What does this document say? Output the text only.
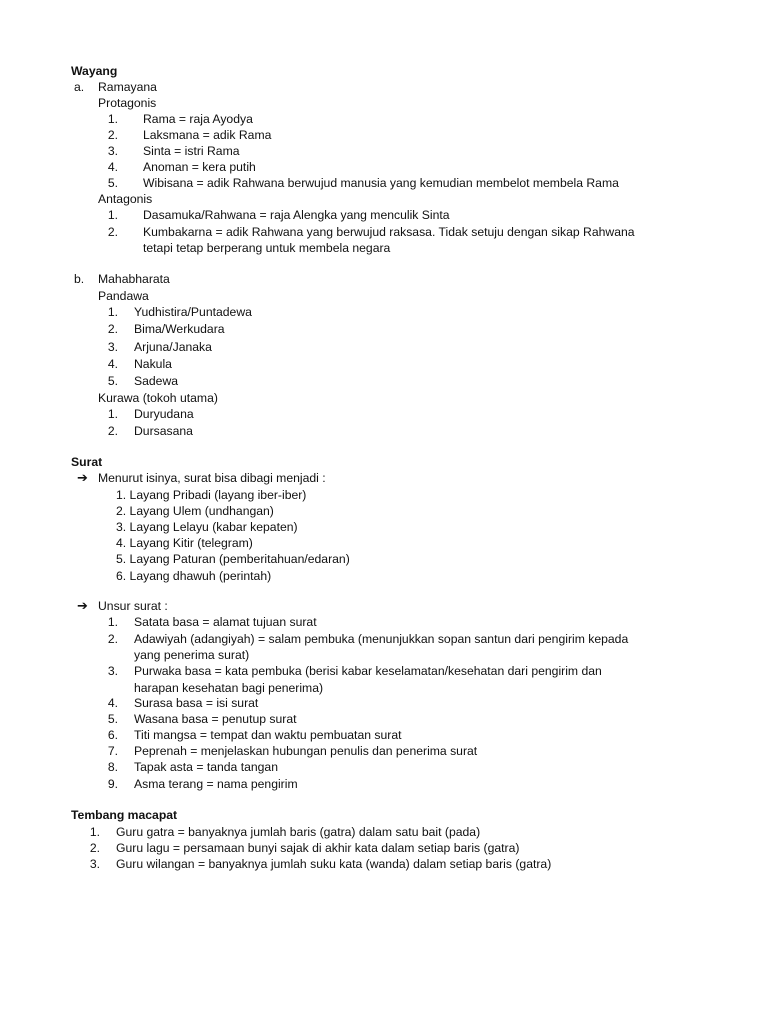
Wayang
a. Ramayana
Protagonis
1. Rama = raja Ayodya
2. Laksmana = adik Rama
3. Sinta = istri Rama
4. Anoman = kera putih
5. Wibisana = adik Rahwana berwujud manusia yang kemudian membelot membela Rama
Antagonis
1. Dasamuka/Rahwana = raja Alengka yang menculik Sinta
2. Kumbakarna = adik Rahwana yang berwujud raksasa. Tidak setuju dengan sikap Rahwana
tetapi tetap berperang untuk membela negara
b. Mahabharata
Pandawa
1. Yudhistira/Puntadewa
2. Bima/Werkudara
3. Arjuna/Janaka
4. Nakula
5. Sadewa
Kurawa (tokoh utama)
1. Duryudana
2. Dursasana
Surat
➔ Menurut isinya, surat bisa dibagi menjadi :
1. Layang Pribadi (layang iber-iber)
2. Layang Ulem (undhangan)
3. Layang Lelayu (kabar kepaten)
4. Layang Kitir (telegram)
5. Layang Paturan (pemberitahuan/edaran)
6. Layang dhawuh (perintah)
➔ Unsur surat :
1. Satata basa = alamat tujuan surat
2. Adawiyah (adangiyah) = salam pembuka (menunjukkan sopan santun dari pengirim kepada
yang penerima surat)
3. Purwaka basa = kata pembuka (berisi kabar keselamatan/kesehatan dari pengirim dan
harapan kesehatan bagi penerima)
4. Surasa basa = isi surat
5. Wasana basa = penutup surat
6. Titi mangsa = tempat dan waktu pembuatan surat
7. Peprenah = menjelaskan hubungan penulis dan penerima surat
8. Tapak asta = tanda tangan
9. Asma terang = nama pengirim
Tembang macapat
1. Guru gatra = banyaknya jumlah baris (gatra) dalam satu bait (pada)
2. Guru lagu = persamaan bunyi sajak di akhir kata dalam setiap baris (gatra)
3. Guru wilangan = banyaknya jumlah suku kata (wanda) dalam setiap baris (gatra)
